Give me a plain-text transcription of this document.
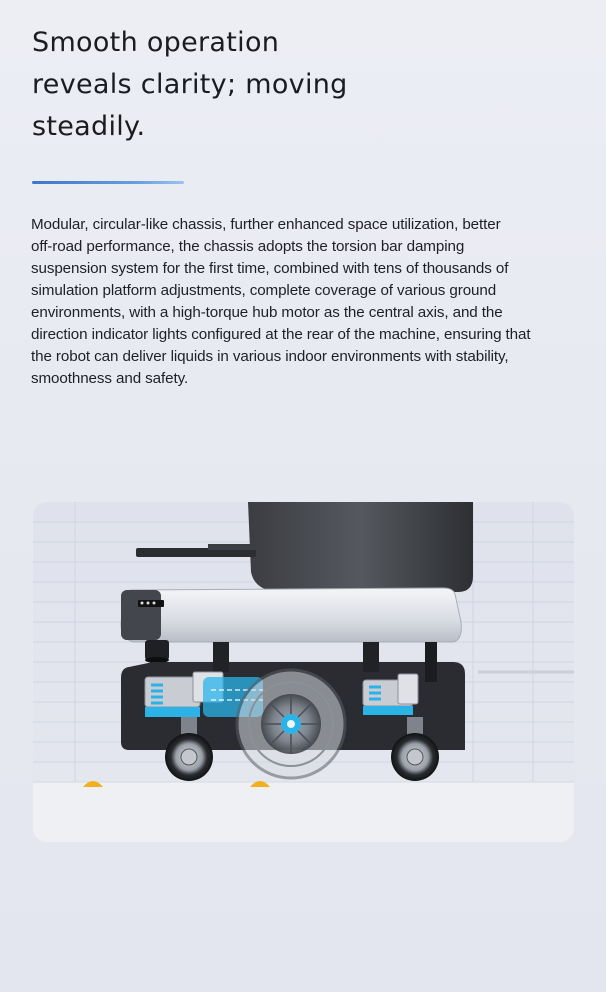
Smooth operation
reveals clarity; moving
steadily.

Modular, circular-like chassis, further enhanced space utilization, better
off-road performance, the chassis adopts the torsion bar damping
suspension system for the first time, combined with tens of thousands of
simulation platform adjustments, complete coverage of various ground
environments, with a high-torque hub motor as the central axis, and the
direction indicator lights configured at the rear of the machine, ensuring that
the robot can deliver liquids in various indoor environments with stability,
smoothness and safety.
